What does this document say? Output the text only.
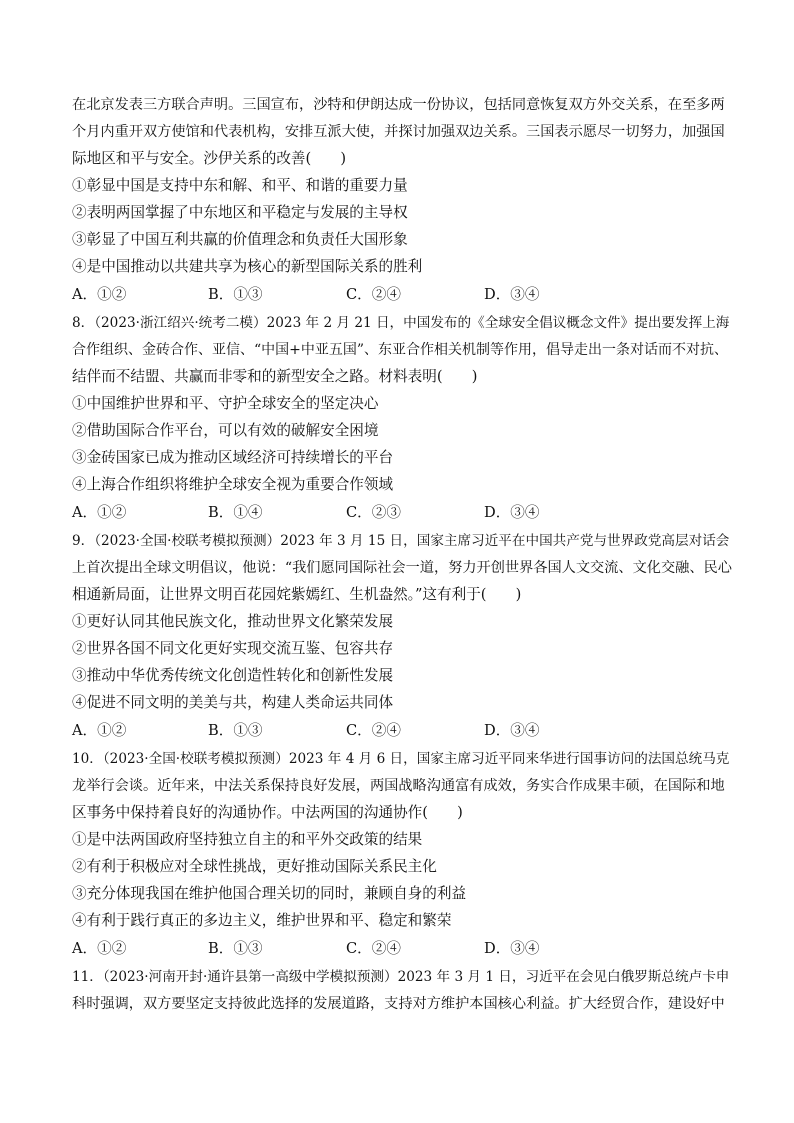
在北京发表三方联合声明。三国宣布，沙特和伊朗达成一份协议，包括同意恢复双方外交关系，在至多两
个月内重开双方使馆和代表机构，安排互派大使，并探讨加强双边关系。三国表示愿尽一切努力，加强国
际地区和平与安全。沙伊关系的改善(　　)
①彰显中国是支持中东和解、和平、和谐的重要力量
②表明两国掌握了中东地区和平稳定与发展的主导权
③彰显了中国互利共赢的价值理念和负责任大国形象
④是中国推动以共建共享为核心的新型国际关系的胜利
A．①②	B．①③	C．②④	D．③④
8．（2023·浙江绍兴·统考二模）2023 年 2 月 21 日，中国发布的《全球安全倡议概念文件》提出要发挥上海
合作组织、金砖合作、亚信、“中国+中亚五国”、东亚合作相关机制等作用，倡导走出一条对话而不对抗、
结伴而不结盟、共赢而非零和的新型安全之路。材料表明(　　)
①中国维护世界和平、守护全球安全的坚定决心
②借助国际合作平台，可以有效的破解安全困境
③金砖国家已成为推动区域经济可持续增长的平台
④上海合作组织将维护全球安全视为重要合作领域
A．①②	B．①④	C．②③	D．③④
9．（2023·全国·校联考模拟预测）2023 年 3 月 15 日，国家主席习近平在中国共产党与世界政党高层对话会
上首次提出全球文明倡议，他说：“我们愿同国际社会一道，努力开创世界各国人文交流、文化交融、民心
相通新局面，让世界文明百花园姹紫嫣红、生机盎然。”这有利于(　　)
①更好认同其他民族文化，推动世界文化繁荣发展
②世界各国不同文化更好实现交流互鉴、包容共存
③推动中华优秀传统文化创造性转化和创新性发展
④促进不同文明的美美与共，构建人类命运共同体
A．①②	B．①③	C．②④	D．③④
10．（2023·全国·校联考模拟预测）2023 年 4 月 6 日，国家主席习近平同来华进行国事访问的法国总统马克
龙举行会谈。近年来，中法关系保持良好发展，两国战略沟通富有成效，务实合作成果丰硕，在国际和地
区事务中保持着良好的沟通协作。中法两国的沟通协作(　　)
①是中法两国政府坚持独立自主的和平外交政策的结果
②有利于积极应对全球性挑战，更好推动国际关系民主化
③充分体现我国在维护他国合理关切的同时，兼顾自身的利益
④有利于践行真正的多边主义，维护世界和平、稳定和繁荣
A．①②	B．①③	C．②④	D．③④
11．（2023·河南开封·通许县第一高级中学模拟预测）2023 年 3 月 1 日，习近平在会见白俄罗斯总统卢卡申
科时强调，双方要坚定支持彼此选择的发展道路，支持对方维护本国核心利益。扩大经贸合作，建设好中
